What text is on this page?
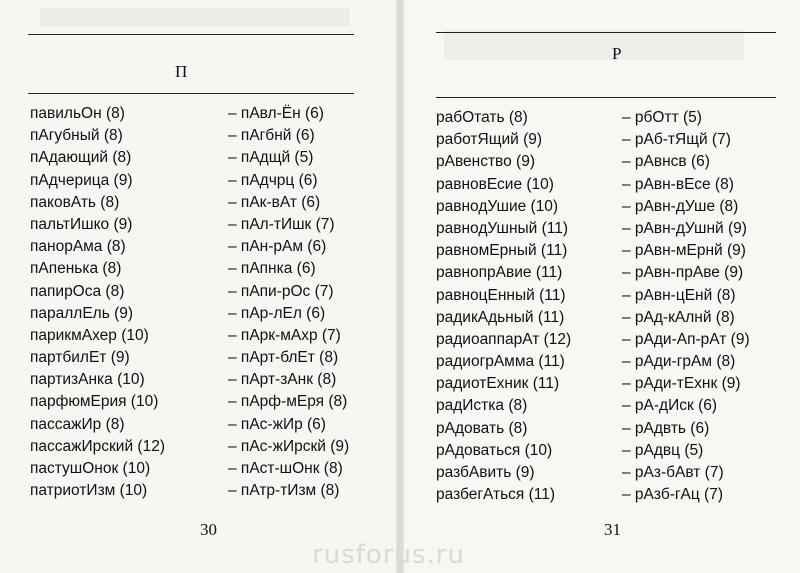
П
павильОн (8)	– пАвл-Ён (6)
пАгубный (8)	– пАгбнй (6)
пАдающий (8)	– пАдщй (5)
пАдчерица (9)	– пАдчрц (6)
паковАть (8)	– пАк-вАт (6)
пальтИшко (9)	– пАл-тИшк (7)
панорАма (8)	– пАн-рАм (6)
пАпенька (8)	– пАпнка (6)
папирОса (8)	– пАпи-рОс (7)
параллЕль (9)	– пАр-лЕл (6)
парикмАхер (10)	– пАрк-мАхр (7)
партбилЕт (9)	– пАрт-блЕт (8)
партизАнка (10)	– пАрт-зАнк (8)
парфюмЕрия (10)	– пАрф-мЕря (8)
пассажИр (8)	– пАс-жИр (6)
пассажИрский (12)	– пАс-жИрскй (9)
пастушОнок (10)	– пАст-шОнк (8)
патриотИзм (10)	– пАтр-тИзм (8)
30
Р
рабОтать (8)	– рбОтт (5)
работЯщий (9)	– рАб-тЯщй (7)
рАвенство (9)	– рАвнсв (6)
равновЕсие (10)	– рАвн-вЕсе (8)
равнодУшие (10)	– рАвн-дУше (8)
равнодУшный (11)	– рАвн-дУшнй (9)
равномЕрный (11)	– рАвн-мЕрнй (9)
равнопрАвие (11)	– рАвн-прАве (9)
равноцЕнный (11)	– рАвн-цЕнй (8)
радикАдьный (11)	– рАд-кАлнй (8)
радиоаппарАт (12)	– рАди-Ап-рАт (9)
радиогрАмма (11)	– рАди-грАм (8)
радиотЕхник (11)	– рАди-тЕхнк (9)
радИстка (8)	– рА-дИск (6)
рАдовать (8)	– рАдвть (6)
рАдоваться (10)	– рАдвц (5)
разбАвить (9)	– рАз-бАвт (7)
разбегАться (11)	– рАзб-гАц (7)
31
rusforus.ru
